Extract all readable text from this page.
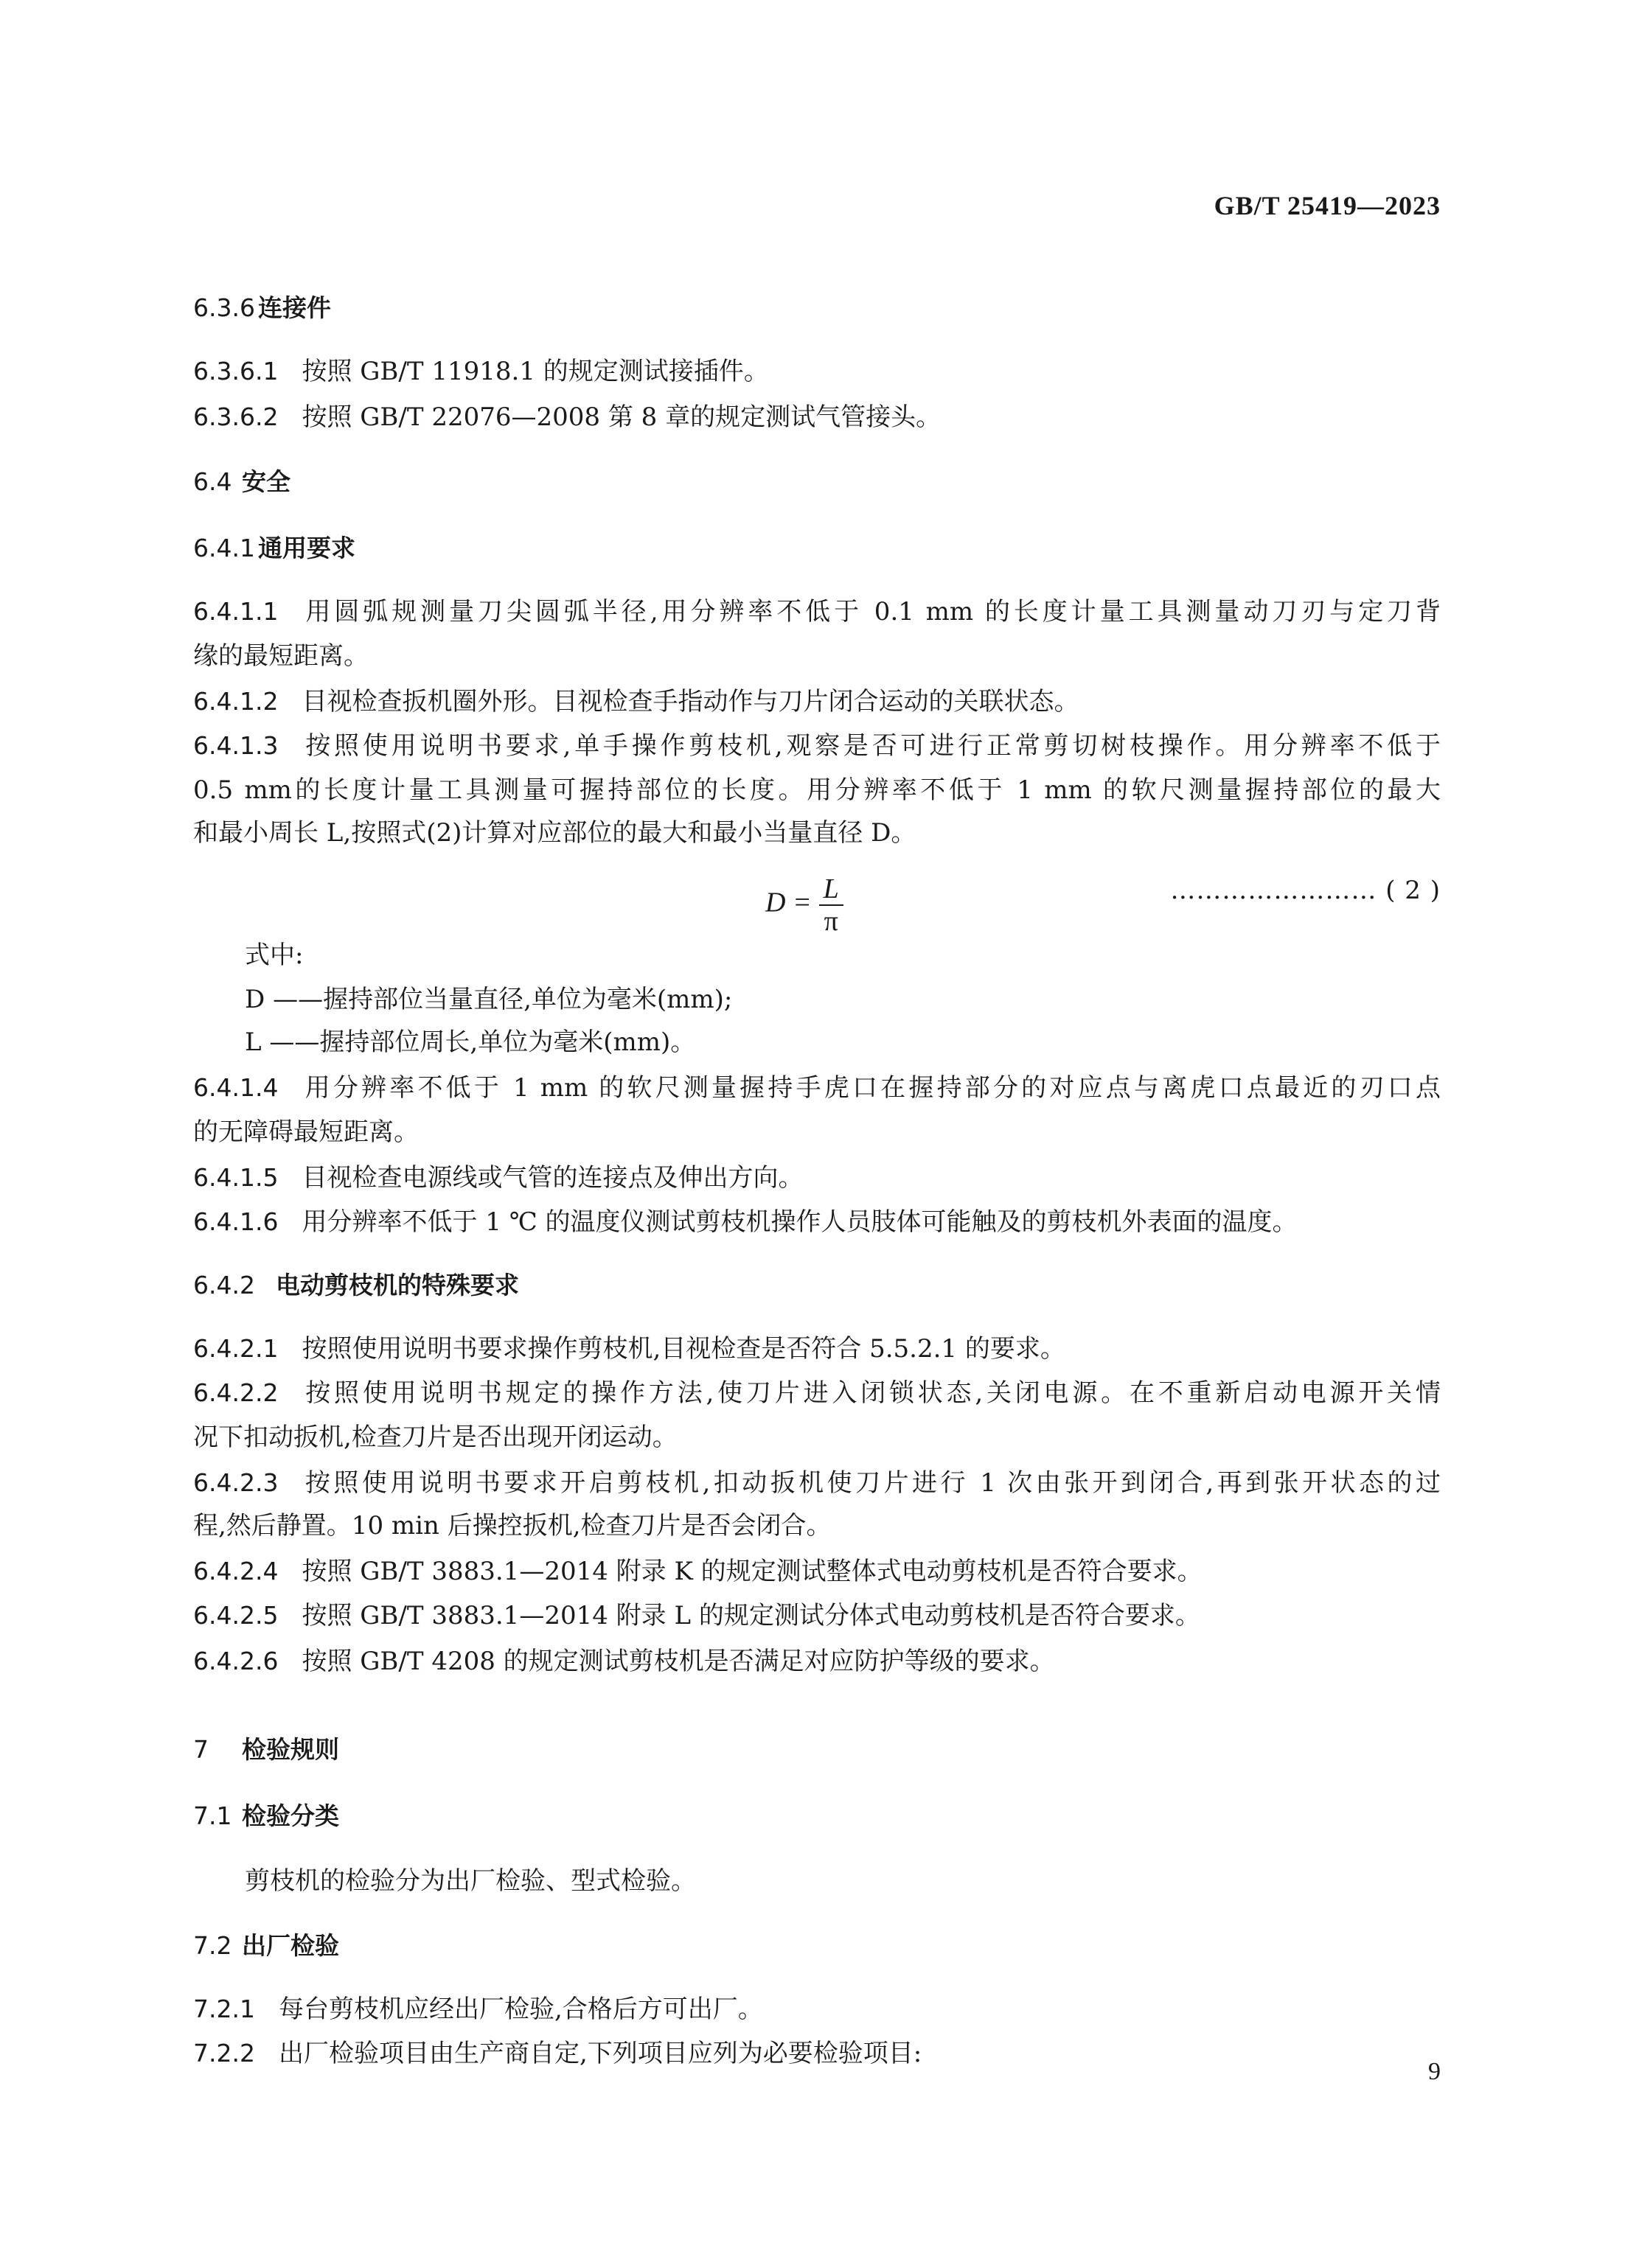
GB/T 25419—2023
6.3.6 连接件
6.3.6.1 按照 GB/T 11918.1 的规定测试接插件。
6.3.6.2 按照 GB/T 22076—2008 第 8 章的规定测试气管接头。
6.4 安全
6.4.1 通用要求
6.4.1.1 用圆弧规测量刀尖圆弧半径,用分辨率不低于 0.1 mm 的长度计量工具测量动刀刃与定刀背
缘的最短距离。
6.4.1.2 目视检查扳机圈外形。目视检查手指动作与刀片闭合运动的关联状态。
6.4.1.3 按照使用说明书要求,单手操作剪枝机,观察是否可进行正常剪切树枝操作。用分辨率不低于
0.5 mm的长度计量工具测量可握持部位的长度。用分辨率不低于 1 mm 的软尺测量握持部位的最大
和最小周长 L,按照式(2)计算对应部位的最大和最小当量直径 D。
$D = \frac{L}{\pi}$	…………………… ( 2 )
式中:
D ——握持部位当量直径,单位为毫米(mm);
L ——握持部位周长,单位为毫米(mm)。
6.4.1.4 用分辨率不低于 1 mm 的软尺测量握持手虎口在握持部分的对应点与离虎口点最近的刃口点
的无障碍最短距离。
6.4.1.5 目视检查电源线或气管的连接点及伸出方向。
6.4.1.6 用分辨率不低于 1 ℃ 的温度仪测试剪枝机操作人员肢体可能触及的剪枝机外表面的温度。
6.4.2 电动剪枝机的特殊要求
6.4.2.1 按照使用说明书要求操作剪枝机,目视检查是否符合 5.5.2.1 的要求。
6.4.2.2 按照使用说明书规定的操作方法,使刀片进入闭锁状态,关闭电源。在不重新启动电源开关情
况下扣动扳机,检查刀片是否出现开闭运动。
6.4.2.3 按照使用说明书要求开启剪枝机,扣动扳机使刀片进行 1 次由张开到闭合,再到张开状态的过
程,然后静置。10 min 后操控扳机,检查刀片是否会闭合。
6.4.2.4 按照 GB/T 3883.1—2014 附录 K 的规定测试整体式电动剪枝机是否符合要求。
6.4.2.5 按照 GB/T 3883.1—2014 附录 L 的规定测试分体式电动剪枝机是否符合要求。
6.4.2.6 按照 GB/T 4208 的规定测试剪枝机是否满足对应防护等级的要求。
7 检验规则
7.1 检验分类
剪枝机的检验分为出厂检验、型式检验。
7.2 出厂检验
7.2.1 每台剪枝机应经出厂检验,合格后方可出厂。
7.2.2 出厂检验项目由生产商自定,下列项目应列为必要检验项目:
9
